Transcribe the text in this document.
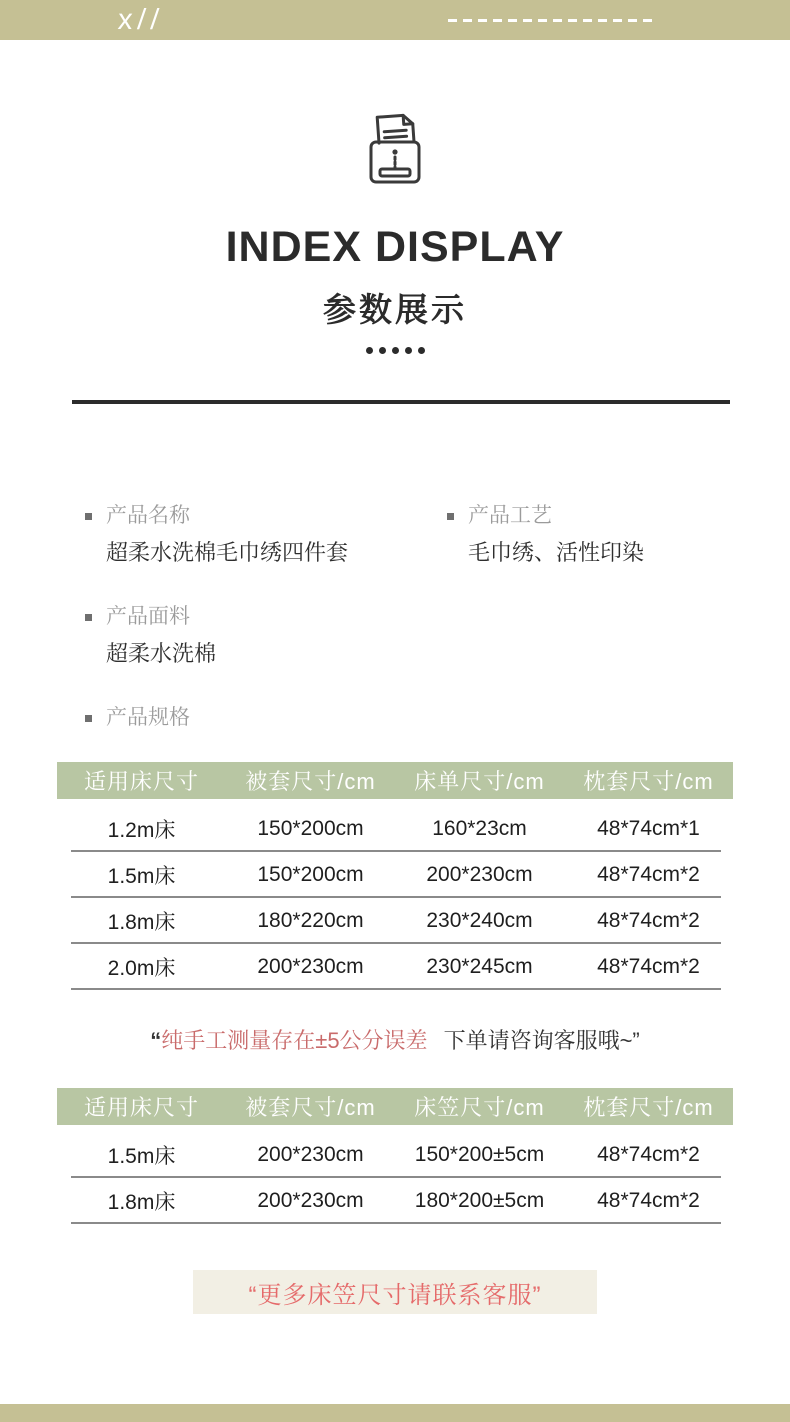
x//
INDEX DISPLAY
参数展示
产品名称
超柔水洗棉毛巾绣四件套
产品工艺
毛巾绣、活性印染
产品面料
超柔水洗棉
产品规格
适用床尺寸	被套尺寸/cm	床单尺寸/cm	枕套尺寸/cm
1.2m床	150*200cm	160*23cm	48*74cm*1
1.5m床	150*200cm	200*230cm	48*74cm*2
1.8m床	180*220cm	230*240cm	48*74cm*2
2.0m床	200*230cm	230*245cm	48*74cm*2
“纯手工测量存在±5公分误差 下单请咨询客服哦~”
适用床尺寸	被套尺寸/cm	床笠尺寸/cm	枕套尺寸/cm
1.5m床	200*230cm	150*200±5cm	48*74cm*2
1.8m床	200*230cm	180*200±5cm	48*74cm*2
“更多床笠尺寸请联系客服”
